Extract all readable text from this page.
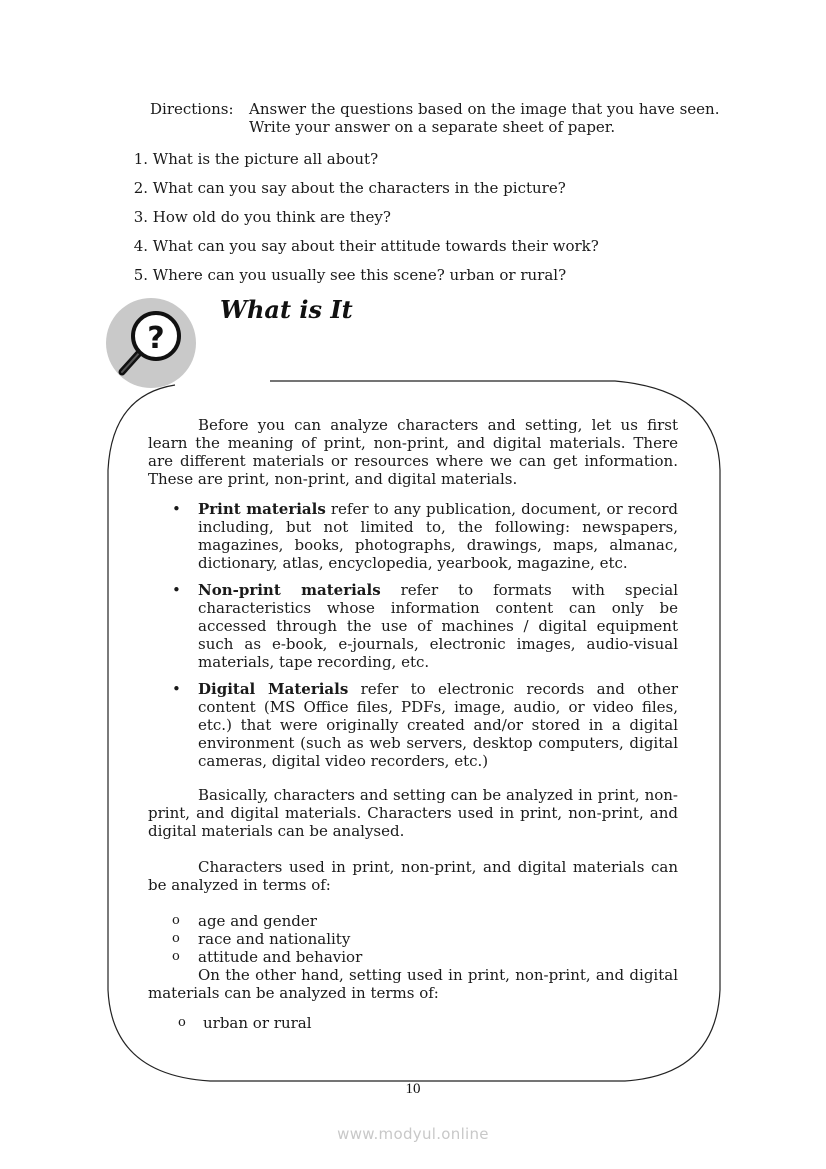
Directions:	Answer the questions based on the image that you have seen.
Write your answer on a separate sheet of paper.
1.
What is the picture all about?
2.
What can you say about the characters in the picture?
3.
How old do you think are they?
4.
What can you say about their attitude towards their work?
5.
Where can you usually see this scene? urban or rural?
?
What is It

Before you can analyze characters and setting, let us first learn the meaning of print, non-print, and digital materials. There are different materials or resources where we can get information. These are print, non-print, and digital materials.

•	Print materials refer to any publication, document, or record including, but not limited to, the following: newspapers, magazines, books, photographs, drawings, maps, almanac, dictionary, atlas, encyclopedia, yearbook, magazine, etc.
•	Non-print materials refer to formats with special characteristics whose information content can only be accessed through the use of machines / digital equipment such as e-book, e-journals, electronic images, audio-visual materials, tape recording, etc.
•	Digital Materials refer to electronic records and other content (MS Office files, PDFs, image, audio, or video files, etc.) that were originally created and/or stored in a digital environment (such as web servers, desktop computers, digital cameras, digital video recorders, etc.)

Basically, characters and setting can be analyzed in print, non-print, and digital materials. Characters used in print, non-print, and digital materials can be analysed.

Characters used in print, non-print, and digital materials can be analyzed in terms of:

o	age and gender
o	race and nationality
o	attitude and behavior

On the other hand, setting used in print, non-print, and digital materials can be analyzed in terms of:

o	urban or rural
10
www.modyul.online
